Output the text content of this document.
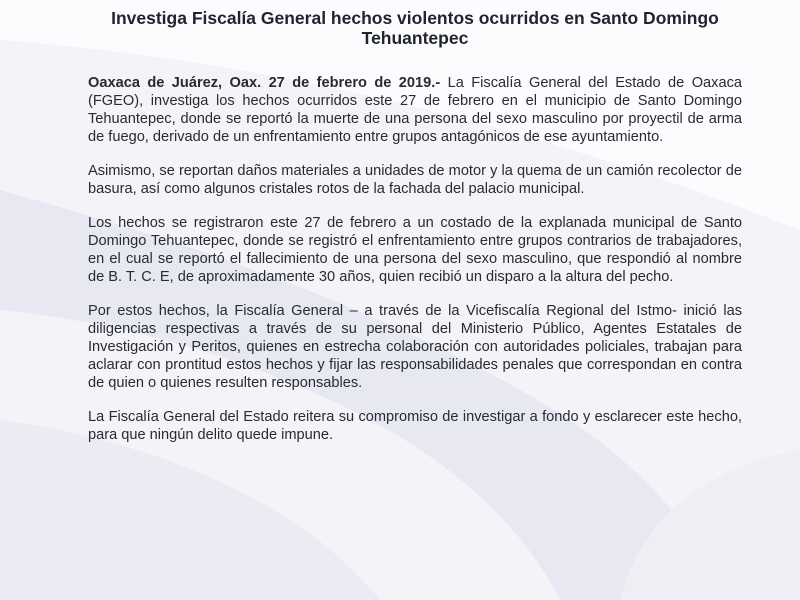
Investiga Fiscalía General hechos violentos ocurridos en Santo Domingo Tehuantepec

Oaxaca de Juárez, Oax. 27 de febrero de 2019.- La Fiscalía General del Estado de Oaxaca (FGEO), investiga los hechos ocurridos este 27 de febrero en el municipio de Santo Domingo Tehuantepec, donde se reportó la muerte de una persona del sexo masculino por proyectil de arma de fuego, derivado de un enfrentamiento entre grupos antagónicos de ese ayuntamiento.

Asimismo, se reportan daños materiales a unidades de motor y la quema de un camión recolector de basura, así como algunos cristales rotos de la fachada del palacio municipal.

Los hechos se registraron este 27 de febrero a un costado de la explanada municipal de Santo Domingo Tehuantepec, donde se registró el enfrentamiento entre grupos contrarios de trabajadores, en el cual se reportó el fallecimiento de una persona del sexo masculino, que respondió al nombre de B. T. C. E, de aproximadamente 30 años, quien recibió un disparo a la altura del pecho.

Por estos hechos, la Fiscalía General – a través de la Vicefiscalía Regional del Istmo- inició las diligencias respectivas a través de su personal del Ministerio Público, Agentes Estatales de Investigación y Peritos, quienes en estrecha colaboración con autoridades policiales, trabajan para aclarar con prontitud estos hechos y fijar las responsabilidades penales que correspondan en contra de quien o quienes resulten responsables.

La Fiscalía General del Estado reitera su compromiso de investigar a fondo y esclarecer este hecho, para que ningún delito quede impune.
